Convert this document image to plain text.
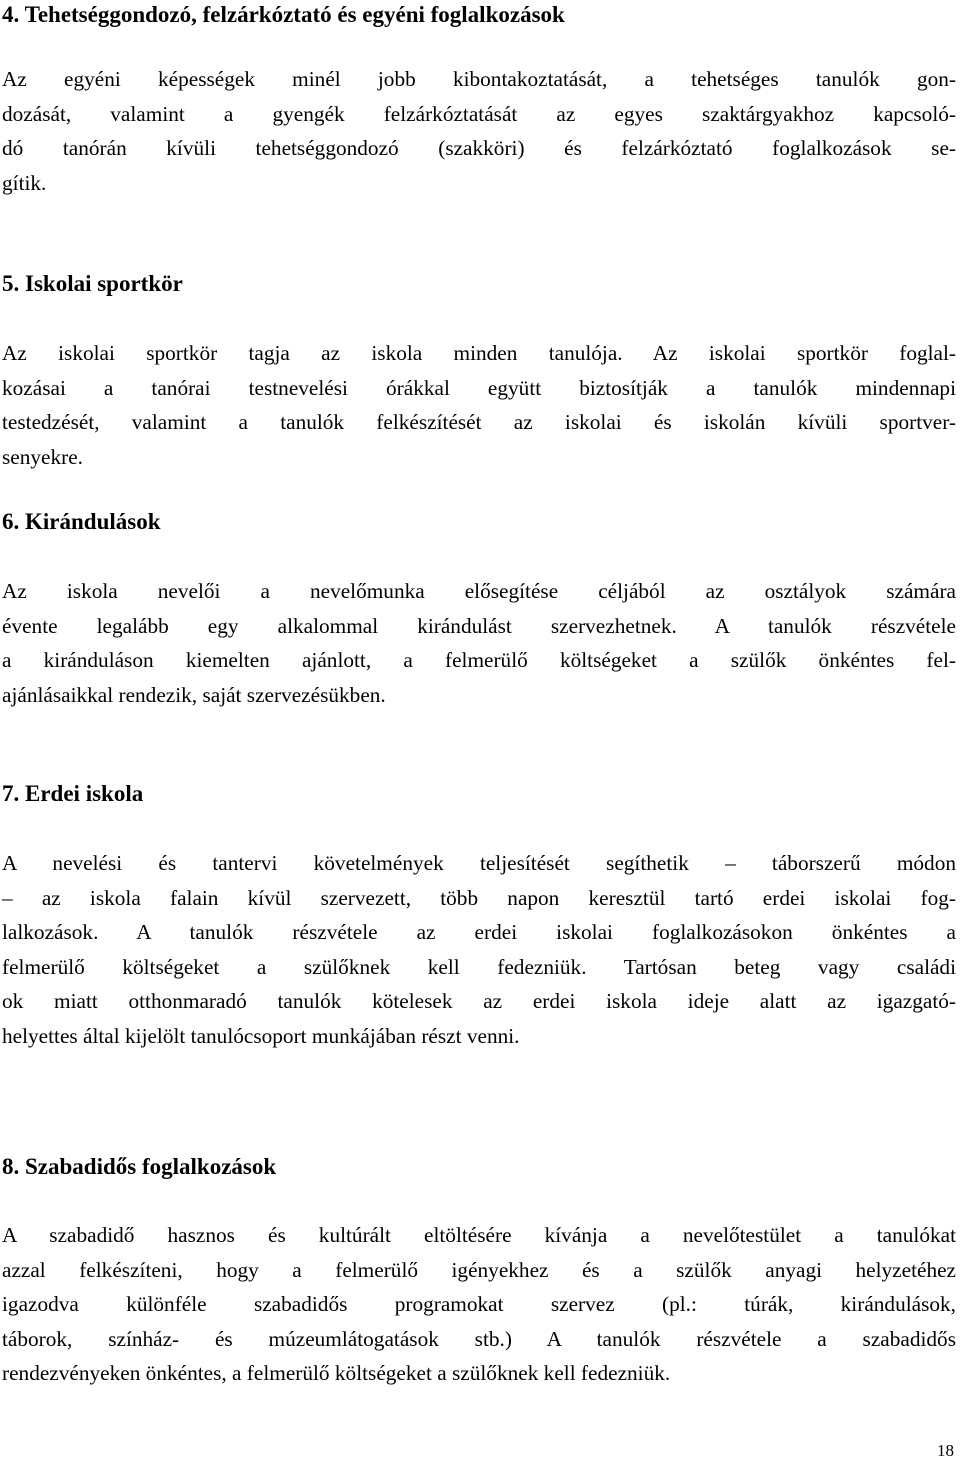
4. Tehetséggondozó, felzárkóztató és egyéni foglalkozások

Az egyéni képességek minél jobb kibontakoztatását, a tehetséges tanulók gon-
dozását, valamint a gyengék felzárkóztatását az egyes szaktárgyakhoz kapcsoló-
dó tanórán kívüli tehetséggondozó (szakköri) és felzárkóztató foglalkozások se-
gítik.

5. Iskolai sportkör

Az iskolai sportkör tagja az iskola minden tanulója. Az iskolai sportkör foglal-
kozásai a tanórai testnevelési órákkal együtt biztosítják a tanulók mindennapi
testedzését, valamint a tanulók felkészítését az iskolai és iskolán kívüli sportver-
senyekre.

6. Kirándulások

Az iskola nevelői a nevelőmunka elősegítése céljából az osztályok számára
évente legalább egy alkalommal kirándulást szervezhetnek. A tanulók részvétele
a kiránduláson kiemelten ajánlott, a felmerülő költségeket a szülők önkéntes fel-
ajánlásaikkal rendezik, saját szervezésükben.

7. Erdei iskola

A nevelési és tantervi követelmények teljesítését segíthetik – táborszerű módon
– az iskola falain kívül szervezett, több napon keresztül tartó erdei iskolai fog-
lalkozások. A tanulók részvétele az erdei iskolai foglalkozásokon önkéntes a
felmerülő költségeket a szülőknek kell fedezniük. Tartósan beteg vagy családi
ok miatt otthonmaradó tanulók kötelesek az erdei iskola ideje alatt az igazgató-
helyettes által kijelölt tanulócsoport munkájában részt venni.

8. Szabadidős foglalkozások

A szabadidő hasznos és kultúrált eltöltésére kívánja a nevelőtestület a tanulókat
azzal felkészíteni, hogy a felmerülő igényekhez és a szülők anyagi helyzetéhez
igazodva különféle szabadidős programokat szervez (pl.: túrák, kirándulások,
táborok, színház- és múzeumlátogatások stb.) A tanulók részvétele a szabadidős
rendezvényeken önkéntes, a felmerülő költségeket a szülőknek kell fedezniük.

18
